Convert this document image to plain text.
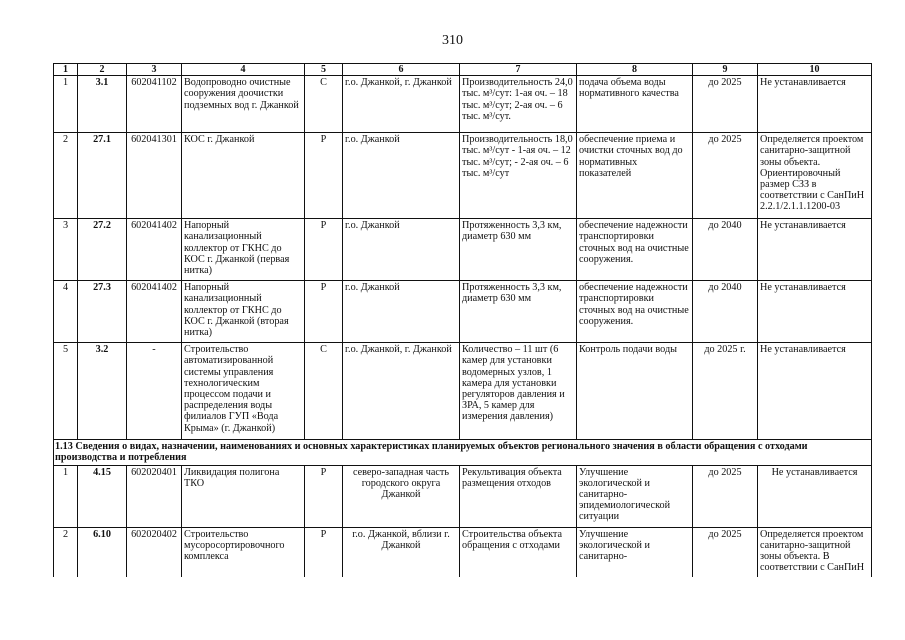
310
1	2	3	4	5	6	7	8	9	10
1	3.1	602041102	Водопроводно очистные сооружения доочистки подземных вод г. Джанкой	С	г.о. Джанкой, г. Джанкой	Производительность 24,0 тыс. м³/сут: 1-ая оч. – 18 тыс. м³/сут; 2-ая оч. – 6 тыс. м³/сут.	подача объема воды нормативного качества	до 2025	Не устанавливается
2	27.1	602041301	КОС г. Джанкой	Р	г.о. Джанкой	Производительность 18,0 тыс. м³/сут - 1-ая оч. – 12 тыс. м³/сут; - 2-ая оч. – 6 тыс. м³/сут	обеспечение приема и очистки сточных вод до нормативных показателей	до 2025	Определяется проектом санитарно-защитной зоны объекта. Ориентировочный размер СЗЗ в соответствии с СанПиН 2.2.1/2.1.1.1200-03
3	27.2	602041402	Напорный канализационный коллектор от ГКНС до КОС г. Джанкой (первая нитка)	Р	г.о. Джанкой	Протяженность 3,3 км, диаметр 630 мм	обеспечение надежности транспортировки сточных вод на очистные сооружения.	до 2040	Не устанавливается
4	27.3	602041402	Напорный канализационный коллектор от ГКНС до КОС г. Джанкой (вторая нитка)	Р	г.о. Джанкой	Протяженность 3,3 км, диаметр 630 мм	обеспечение надежности транспортировки сточных вод на очистные сооружения.	до 2040	Не устанавливается
5	3.2	-	Строительство автоматизированной системы управления технологическим процессом подачи и распределения воды филиалов ГУП «Вода Крыма» (г. Джанкой)	С	г.о. Джанкой, г. Джанкой	Количество – 11 шт (6 камер для установки водомерных узлов, 1 камера для установки регуляторов давления и ЗРА, 5 камер для измерения давления)	Контроль подачи воды	до 2025 г.	Не устанавливается
1.13 Сведения о видах, назначении, наименованиях и основных характеристиках планируемых объектов регионального значения в области обращения с отходами производства и потребления									
1	4.15	602020401	Ликвидация полигона ТКО	Р	северо-западная часть городского округа Джанкой	Рекультивация объекта размещения отходов	Улучшение экологической и санитарно-эпидемиологической ситуации	до 2025	Не устанавливается
2	6.10	602020402	Строительство мусоросортировочного комплекса	Р	г.о. Джанкой, вблизи г. Джанкой	Строительства объекта обращения с отходами	Улучшение экологической и санитарно-	до 2025	Определяется проектом санитарно-защитной зоны объекта. В соответствии с СанПиН
